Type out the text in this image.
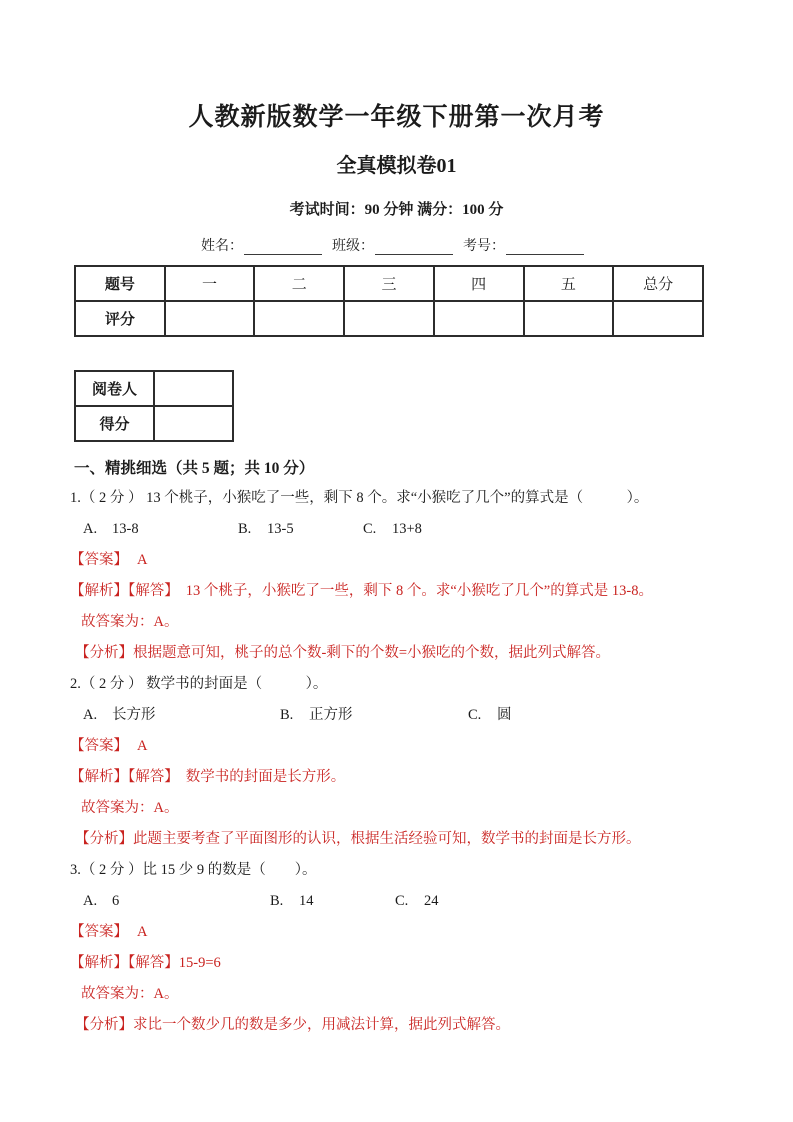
人教新版数学一年级下册第一次月考
全真模拟卷01
考试时间：90 分钟 满分：100 分
姓名：	班级：	考号：
题号	一	二	三	四	五	总分
评分						
阅卷人	
得分	
一、精挑细选（共 5 题；共 10 分）

1.（ 2 分 ） 13 个桃子，小猴吃了一些，剩下 8 个。求“小猴吃了几个”的算式是（　　　）。

A. 13-8	B. 13-5	C. 13+8

【答案】 A

【解析】【解答】 13 个桃子，小猴吃了一些，剩下 8 个。求“小猴吃了几个”的算式是 13-8。

故答案为：A。

【分析】根据题意可知，桃子的总个数-剩下的个数=小猴吃的个数，据此列式解答。

2.（ 2 分 ） 数学书的封面是（　　　）。

A. 长方形	B. 正方形	C. 圆

【答案】 A

【解析】【解答】 数学书的封面是长方形。

故答案为：A。

【分析】此题主要考查了平面图形的认识，根据生活经验可知，数学书的封面是长方形。

3.（ 2 分 ）比 15 少 9 的数是（　　）。

A. 6	B. 14	C. 24

【答案】 A

【解析】【解答】15-9=6

故答案为：A。

【分析】求比一个数少几的数是多少，用减法计算，据此列式解答。
